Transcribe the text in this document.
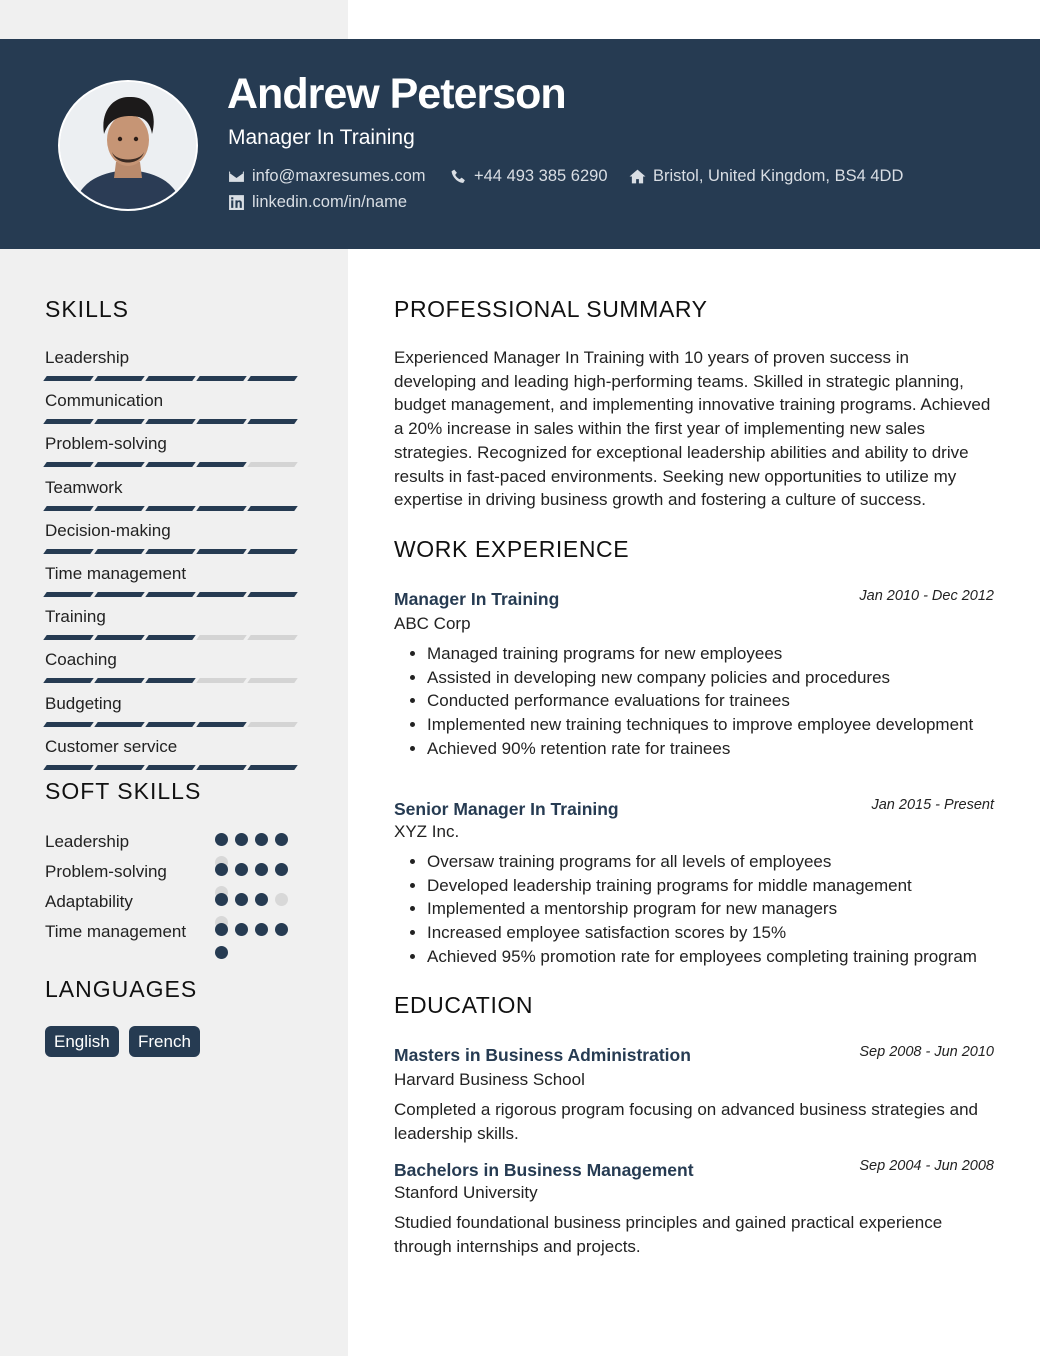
Andrew Peterson
Manager In Training
info@maxresumes.com	+44 493 385 6290	Bristol, United Kingdom, BS4 4DD
linkedin.com/in/name
SKILLS
Leadership
Communication
Problem-solving
Teamwork
Decision-making
Time management
Training
Coaching
Budgeting
Customer service
SOFT SKILLS
Leadership
Problem-solving
Adaptability
Time management
LANGUAGES
English	French
PROFESSIONAL SUMMARY

Experienced Manager In Training with 10 years of proven success in developing and leading high-performing teams. Skilled in strategic planning, budget management, and implementing innovative training programs. Achieved a 20% increase in sales within the first year of implementing new sales strategies. Recognized for exceptional leadership abilities and ability to drive results in fast-paced environments. Seeking new opportunities to utilize my expertise in driving business growth and fostering a culture of success.

WORK EXPERIENCE
Manager In Training	Jan 2010 - Dec 2012
ABC Corp
• Managed training programs for new employees
• Assisted in developing new company policies and procedures
• Conducted performance evaluations for trainees
• Implemented new training techniques to improve employee development
• Achieved 90% retention rate for trainees
Senior Manager In Training	Jan 2015 - Present
XYZ Inc.
• Oversaw training programs for all levels of employees
• Developed leadership training programs for middle management
• Implemented a mentorship program for new managers
• Increased employee satisfaction scores by 15%
• Achieved 95% promotion rate for employees completing training program
EDUCATION
Masters in Business Administration	Sep 2008 - Jun 2010
Harvard Business School

Completed a rigorous program focusing on advanced business strategies and leadership skills.

Bachelors in Business Management	Sep 2004 - Jun 2008
Stanford University

Studied foundational business principles and gained practical experience through internships and projects.
